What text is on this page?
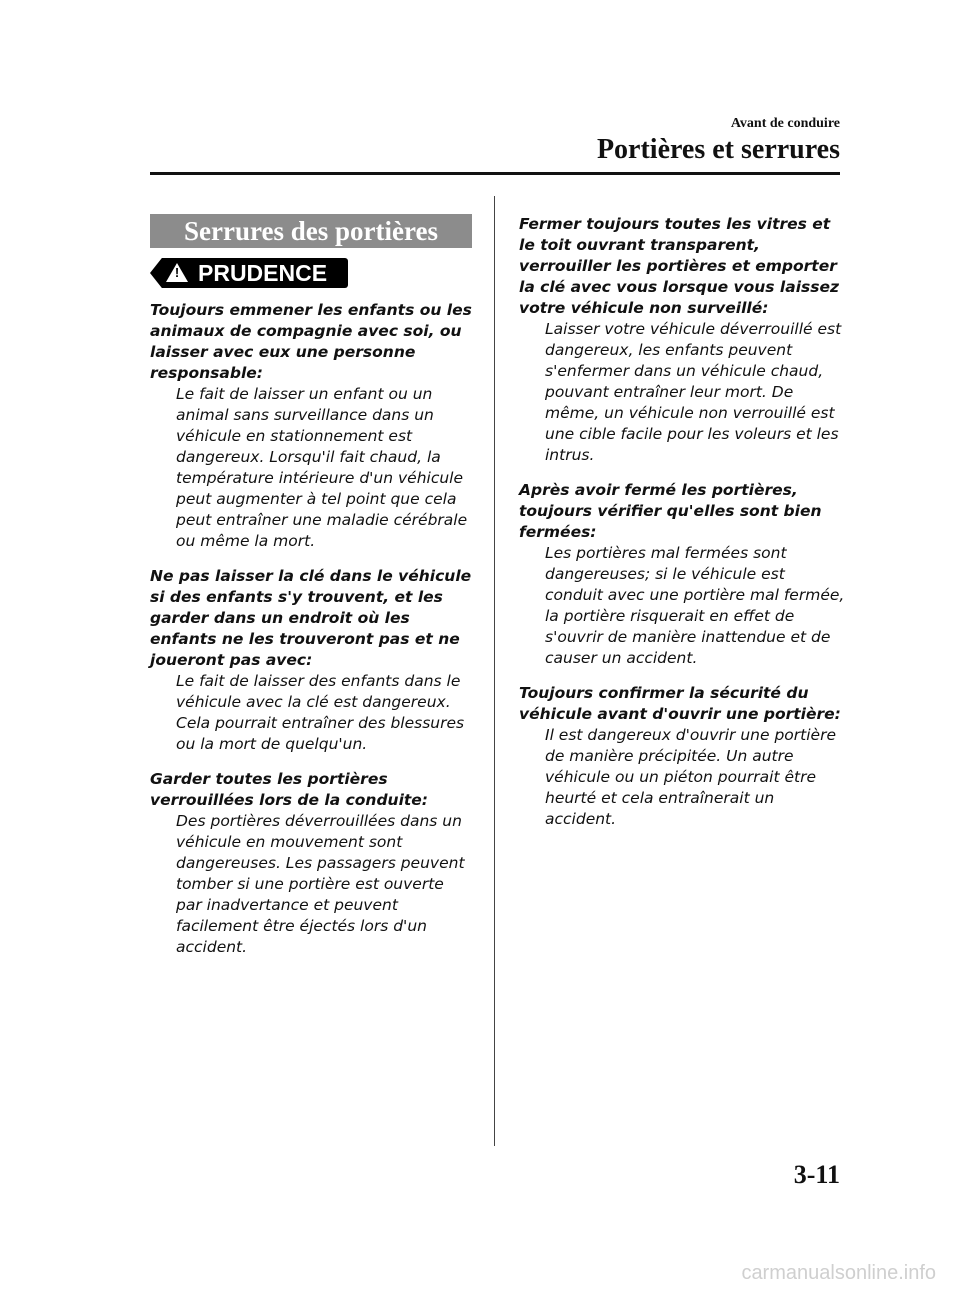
Avant de conduire
Portières et serrures
Serrures des portières
! PRUDENCE
Toujours emmener les enfants ou les animaux de compagnie avec soi, ou laisser avec eux une personne responsable:
Le fait de laisser un enfant ou un animal sans surveillance dans un véhicule en stationnement est dangereux. Lorsqu'il fait chaud, la température intérieure d'un véhicule peut augmenter à tel point que cela peut entraîner une maladie cérébrale ou même la mort.
Ne pas laisser la clé dans le véhicule si des enfants s'y trouvent, et les garder dans un endroit où les enfants ne les trouveront pas et ne joueront pas avec:
Le fait de laisser des enfants dans le véhicule avec la clé est dangereux. Cela pourrait entraîner des blessures ou la mort de quelqu'un.
Garder toutes les portières verrouillées lors de la conduite:
Des portières déverrouillées dans un véhicule en mouvement sont dangereuses. Les passagers peuvent tomber si une portière est ouverte par inadvertance et peuvent facilement être éjectés lors d'un accident.
Fermer toujours toutes les vitres et le toit ouvrant transparent, verrouiller les portières et emporter la clé avec vous lorsque vous laissez votre véhicule non surveillé:
Laisser votre véhicule déverrouillé est dangereux, les enfants peuvent s'enfermer dans un véhicule chaud, pouvant entraîner leur mort. De même, un véhicule non verrouillé est une cible facile pour les voleurs et les intrus.
Après avoir fermé les portières, toujours vérifier qu'elles sont bien fermées:
Les portières mal fermées sont dangereuses; si le véhicule est conduit avec une portière mal fermée, la portière risquerait en effet de s'ouvrir de manière inattendue et de causer un accident.
Toujours confirmer la sécurité du véhicule avant d'ouvrir une portière:
Il est dangereux d'ouvrir une portière de manière précipitée. Un autre véhicule ou un piéton pourrait être heurté et cela entraînerait un accident.
3-11
carmanualsonline.info
